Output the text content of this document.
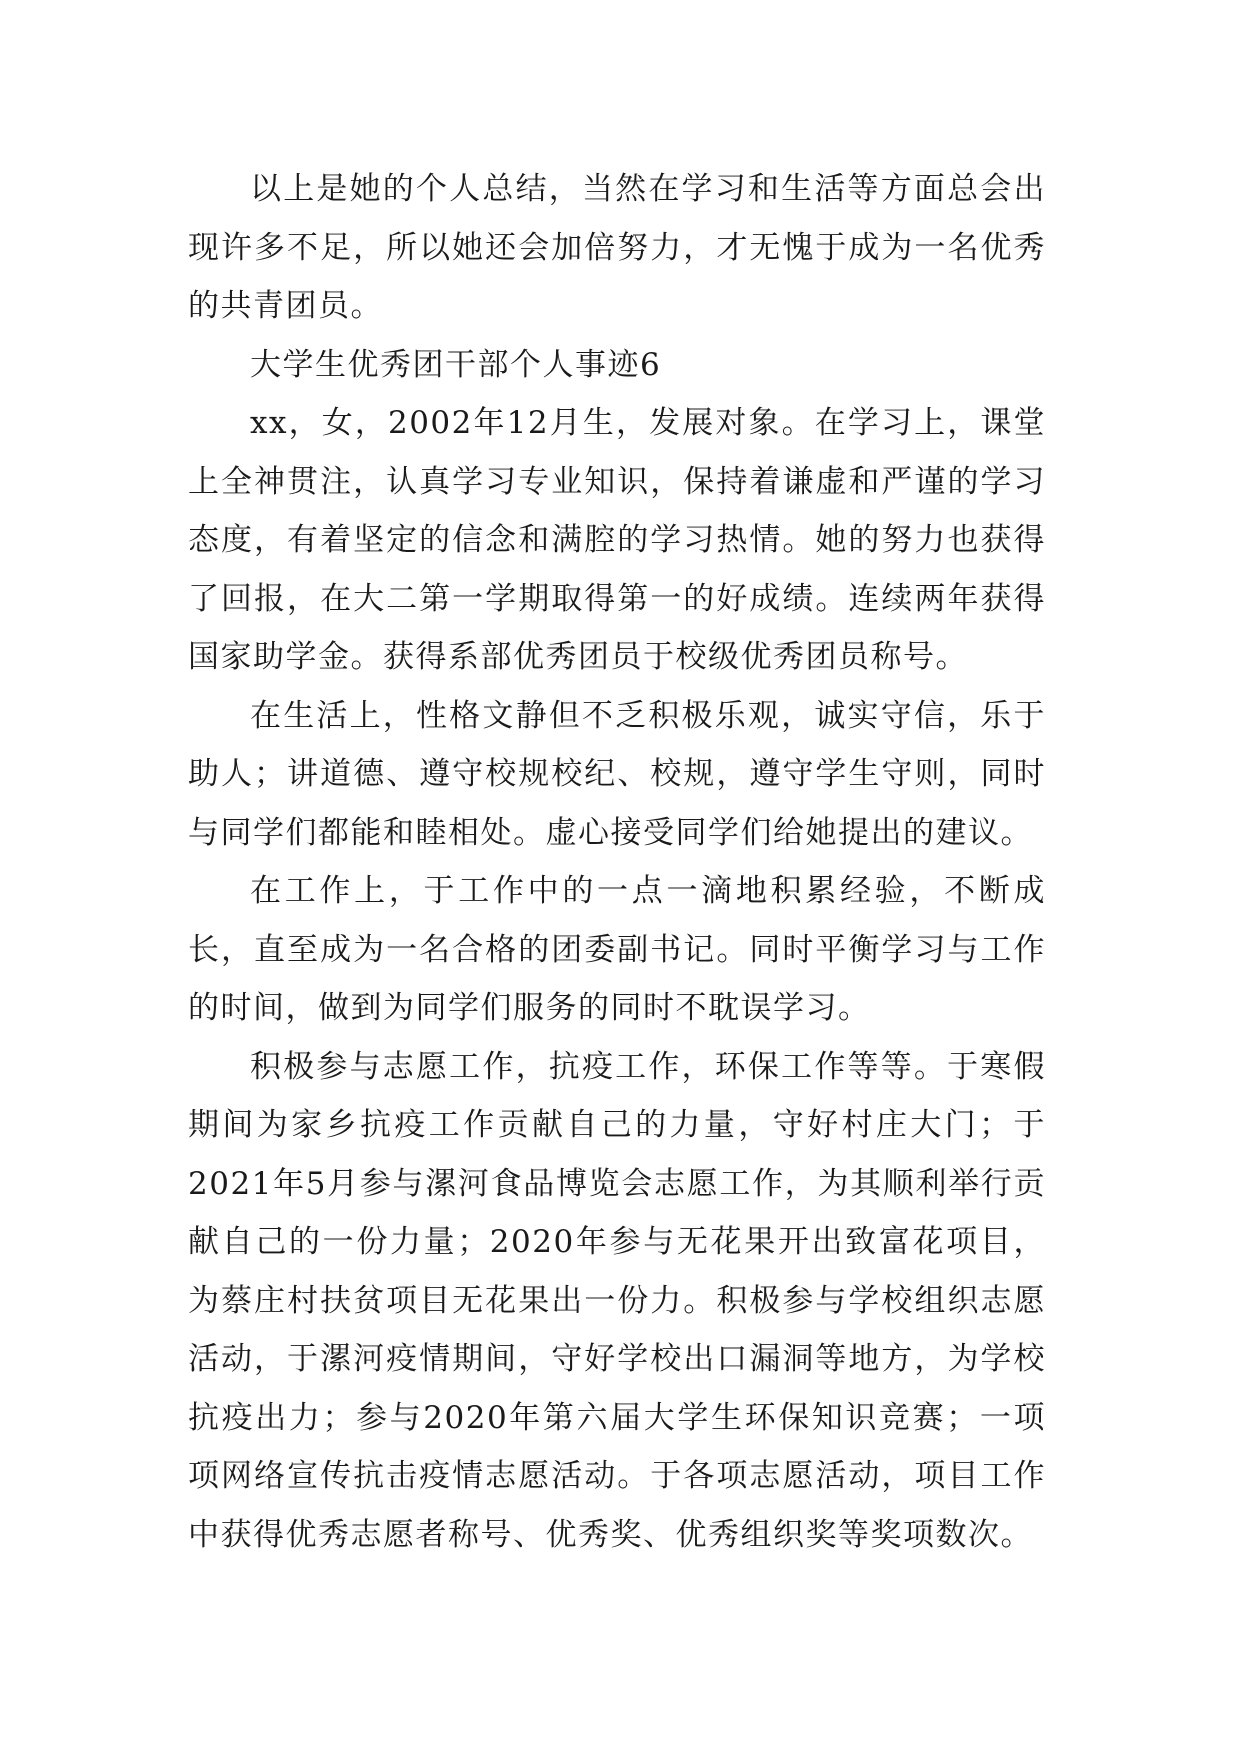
以上是她的个人总结，当然在学习和生活等方面总会出现许多不足，所以她还会加倍努力，才无愧于成为一名优秀的共青团员。

大学生优秀团干部个人事迹6

xx，女，2002年12月生，发展对象。在学习上，课堂上全神贯注，认真学习专业知识，保持着谦虚和严谨的学习态度，有着坚定的信念和满腔的学习热情。她的努力也获得了回报，在大二第一学期取得第一的好成绩。连续两年获得国家助学金。获得系部优秀团员于校级优秀团员称号。

在生活上，性格文静但不乏积极乐观，诚实守信，乐于助人；讲道德、遵守校规校纪、校规，遵守学生守则，同时与同学们都能和睦相处。虚心接受同学们给她提出的建议。

在工作上，于工作中的一点一滴地积累经验，不断成长，直至成为一名合格的团委副书记。同时平衡学习与工作的时间，做到为同学们服务的同时不耽误学习。

积极参与志愿工作，抗疫工作，环保工作等等。于寒假期间为家乡抗疫工作贡献自己的力量，守好村庄大门；于2021年5月参与漯河食品博览会志愿工作，为其顺利举行贡献自己的一份力量；2020年参与无花果开出致富花项目，为蔡庄村扶贫项目无花果出一份力。积极参与学校组织志愿活动，于漯河疫情期间，守好学校出口漏洞等地方，为学校抗疫出力；参与2020年第六届大学生环保知识竞赛；一项项网络宣传抗击疫情志愿活动。于各项志愿活动，项目工作中获得优秀志愿者称号、优秀奖、优秀组织奖等奖项数次。
